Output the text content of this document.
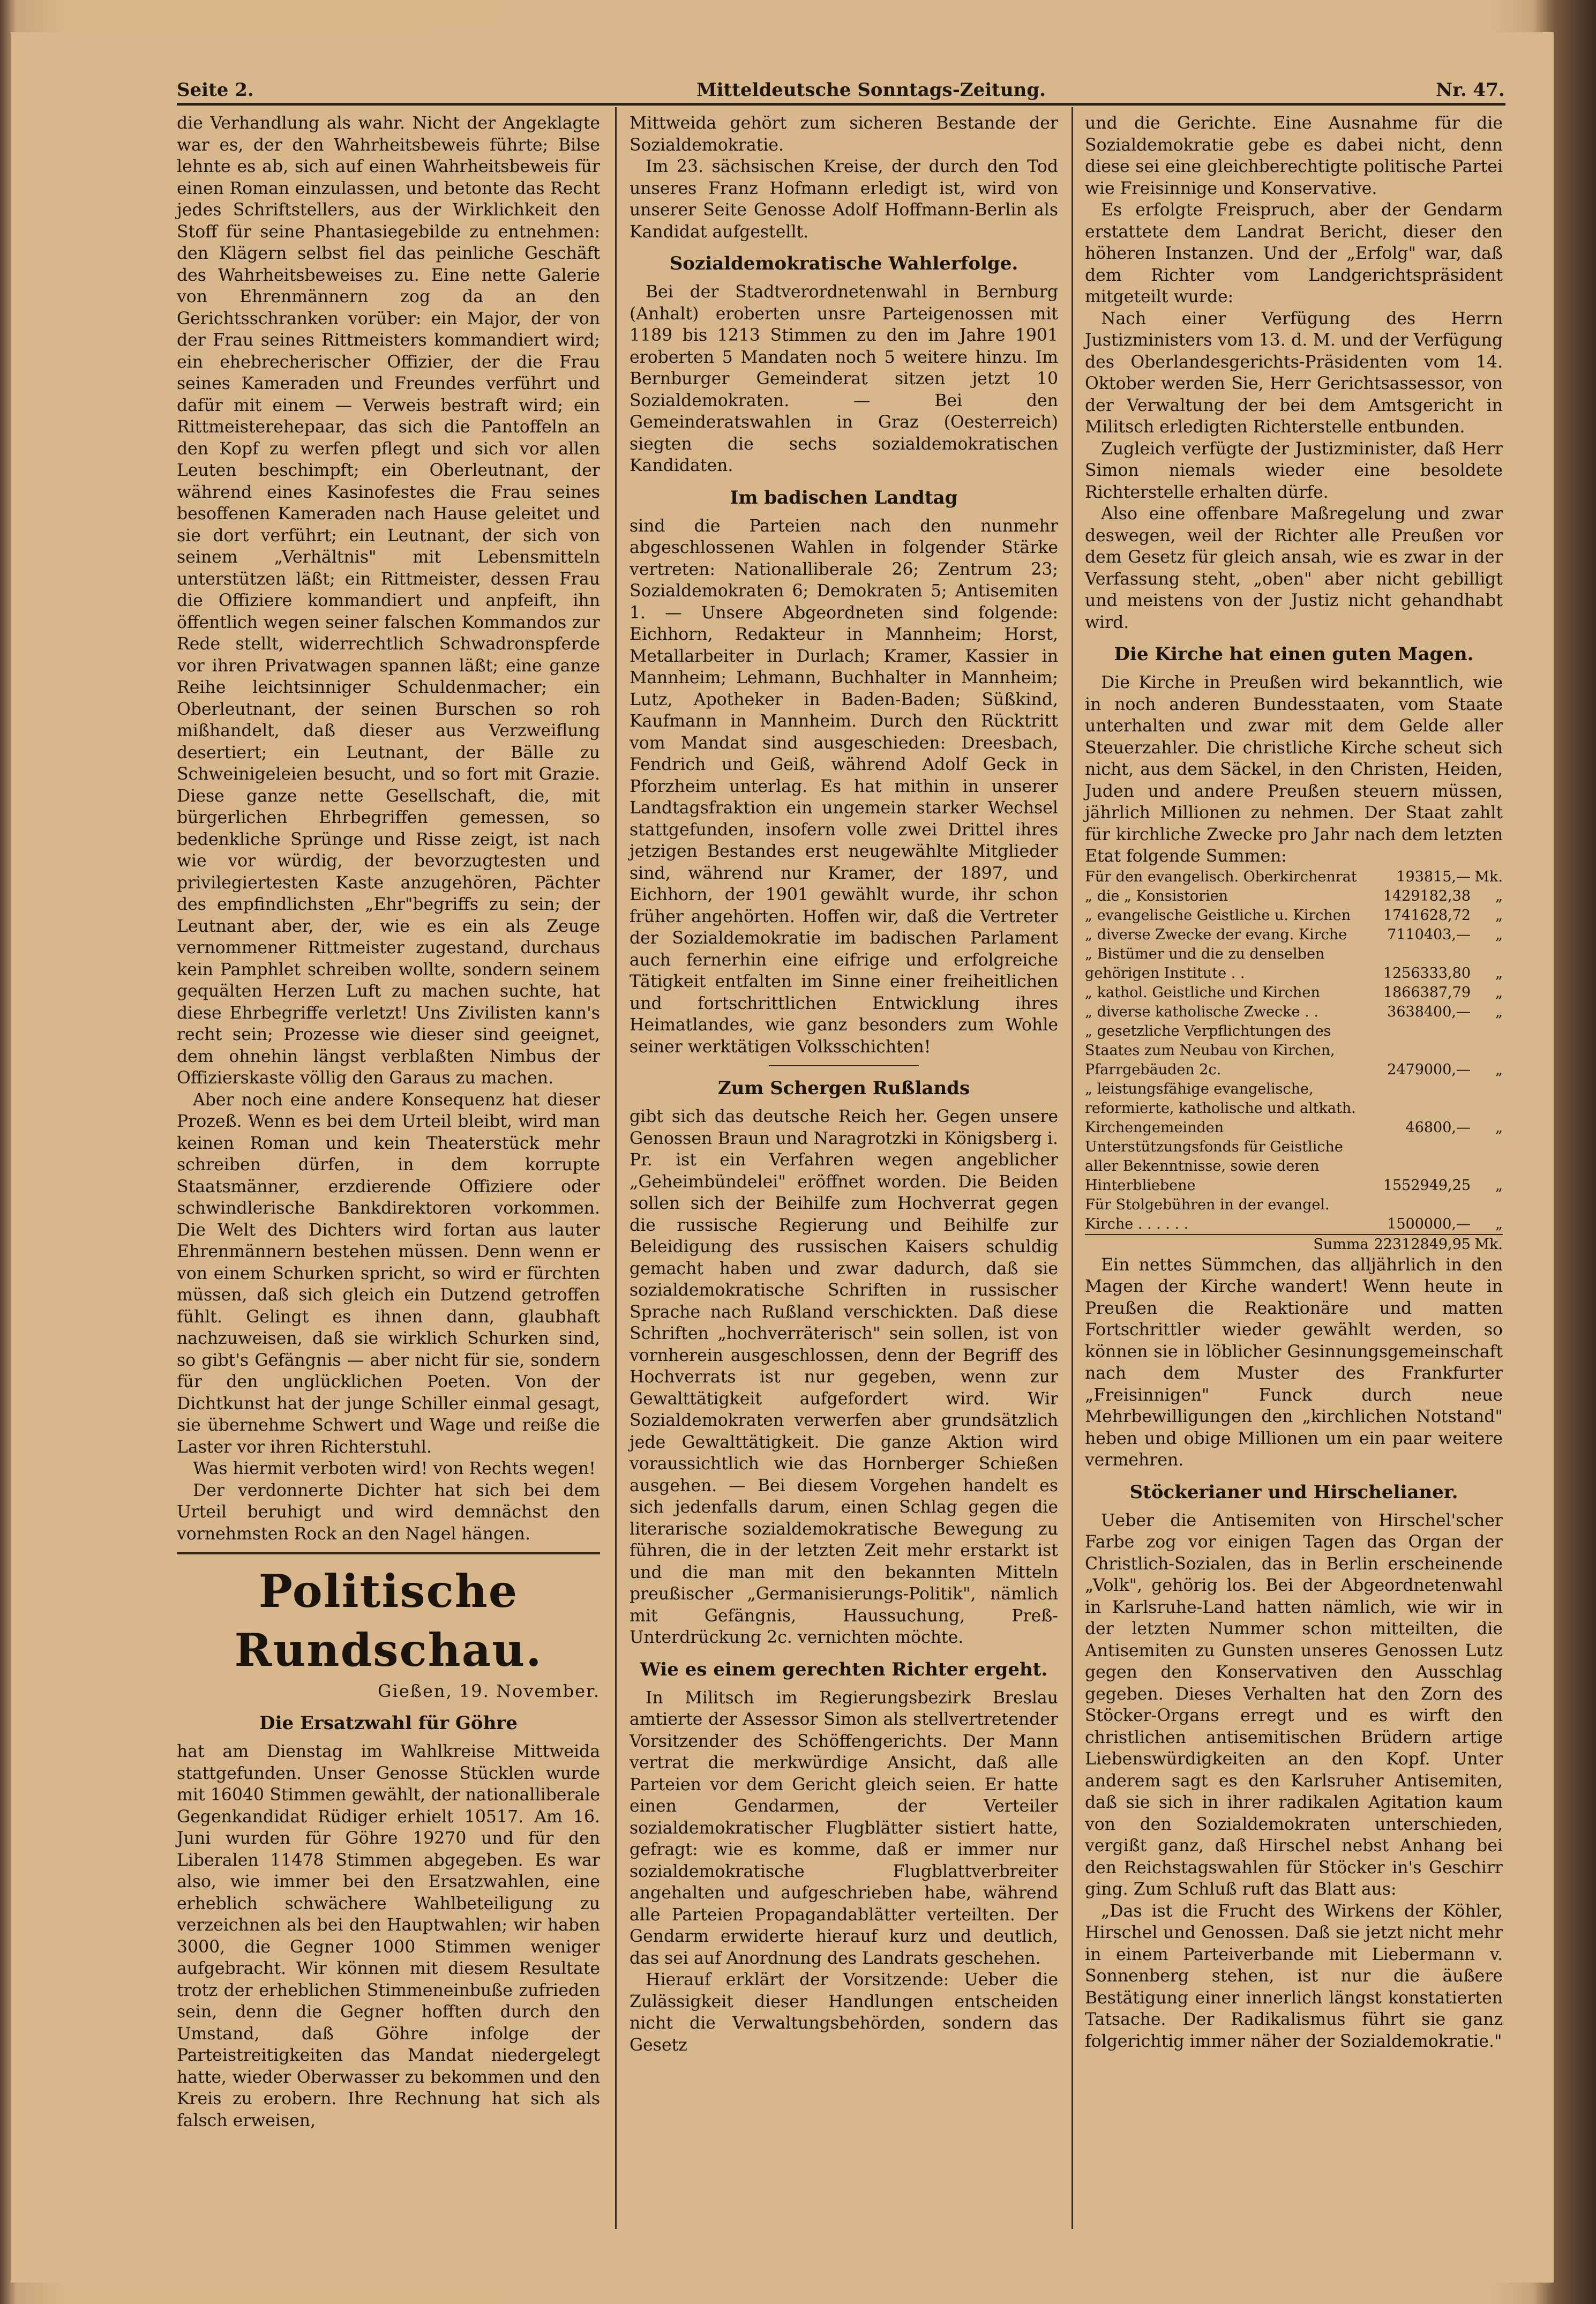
Seite 2.	Mitteldeutsche Sonntags-Zeitung.	Nr. 47.

die Verhandlung als wahr. Nicht der Angeklagte war es, der den Wahrheitsbeweis führte; Bilse lehnte es ab, sich auf einen Wahrheitsbeweis für einen Roman einzulassen, und betonte das Recht jedes Schriftstellers, aus der Wirklichkeit den Stoff für seine Phantasiegebilde zu entnehmen: den Klägern selbst fiel das peinliche Geschäft des Wahrheitsbeweises zu. Eine nette Galerie von Ehrenmännern zog da an den Gerichtsschranken vorüber: ein Major, der von der Frau seines Rittmeisters kommandiert wird; ein ehebrecherischer Offizier, der die Frau seines Kameraden und Freundes verführt und dafür mit einem — Verweis bestraft wird; ein Rittmeisterehepaar, das sich die Pantoffeln an den Kopf zu werfen pflegt und sich vor allen Leuten beschimpft; ein Oberleutnant, der während eines Kasinofestes die Frau seines besoffenen Kameraden nach Hause geleitet und sie dort verführt; ein Leutnant, der sich von seinem „Verhältnis" mit Lebensmitteln unterstützen läßt; ein Rittmeister, dessen Frau die Offiziere kommandiert und anpfeift, ihn öffentlich wegen seiner falschen Kommandos zur Rede stellt, widerrechtlich Schwadronspferde vor ihren Privatwagen spannen läßt; eine ganze Reihe leichtsinniger Schuldenmacher; ein Oberleutnant, der seinen Burschen so roh mißhandelt, daß dieser aus Verzweiflung desertiert; ein Leutnant, der Bälle zu Schweinigeleien besucht, und so fort mit Grazie. Diese ganze nette Gesellschaft, die, mit bürgerlichen Ehrbegriffen gemessen, so bedenkliche Sprünge und Risse zeigt, ist nach wie vor würdig, der bevorzugtesten und privilegiertesten Kaste anzugehören, Pächter des empfindlichsten „Ehr"begriffs zu sein; der Leutnant aber, der, wie es ein als Zeuge vernommener Rittmeister zugestand, durchaus kein Pamphlet schreiben wollte, sondern seinem gequälten Herzen Luft zu machen suchte, hat diese Ehrbegriffe verletzt! Uns Zivilisten kann's recht sein; Prozesse wie dieser sind geeignet, dem ohnehin längst verblaßten Nimbus der Offizierskaste völlig den Garaus zu machen.

Aber noch eine andere Konsequenz hat dieser Prozeß. Wenn es bei dem Urteil bleibt, wird man keinen Roman und kein Theaterstück mehr schreiben dürfen, in dem korrupte Staatsmänner, erzdierende Offiziere oder schwindlerische Bankdirektoren vorkommen. Die Welt des Dichters wird fortan aus lauter Ehrenmännern bestehen müssen. Denn wenn er von einem Schurken spricht, so wird er fürchten müssen, daß sich gleich ein Dutzend getroffen fühlt. Gelingt es ihnen dann, glaubhaft nachzuweisen, daß sie wirklich Schurken sind, so gibt's Gefängnis — aber nicht für sie, sondern für den unglücklichen Poeten. Von der Dichtkunst hat der junge Schiller einmal gesagt, sie übernehme Schwert und Wage und reiße die Laster vor ihren Richterstuhl.

Was hiermit verboten wird! von Rechts wegen!

Der verdonnerte Dichter hat sich bei dem Urteil beruhigt und wird demnächst den vornehmsten Rock an den Nagel hängen.

Politische Rundschau.
Gießen, 19. November.
Die Ersatzwahl für Göhre

hat am Dienstag im Wahlkreise Mittweida stattgefunden. Unser Genosse Stücklen wurde mit 16040 Stimmen gewählt, der nationalliberale Gegenkandidat Rüdiger erhielt 10517. Am 16. Juni wurden für Göhre 19270 und für den Liberalen 11478 Stimmen abgegeben. Es war also, wie immer bei den Ersatzwahlen, eine erheblich schwächere Wahlbeteiligung zu verzeichnen als bei den Hauptwahlen; wir haben 3000, die Gegner 1000 Stimmen weniger aufgebracht. Wir können mit diesem Resultate trotz der erheblichen Stimmeneinbuße zufrieden sein, denn die Gegner hofften durch den Umstand, daß Göhre infolge der Parteistreitigkeiten das Mandat niedergelegt hatte, wieder Oberwasser zu bekommen und den Kreis zu erobern. Ihre Rechnung hat sich als falsch erweisen,

Mittweida gehört zum sicheren Bestande der Sozialdemokratie.

Im 23. sächsischen Kreise, der durch den Tod unseres Franz Hofmann erledigt ist, wird von unserer Seite Genosse Adolf Hoffmann-Berlin als Kandidat aufgestellt.

Sozialdemokratische Wahlerfolge.

Bei der Stadtverordnetenwahl in Bernburg (Anhalt) eroberten unsre Parteigenossen mit 1189 bis 1213 Stimmen zu den im Jahre 1901 eroberten 5 Mandaten noch 5 weitere hinzu. Im Bernburger Gemeinderat sitzen jetzt 10 Sozialdemokraten. — Bei den Gemeinderatswahlen in Graz (Oesterreich) siegten die sechs sozialdemokratischen Kandidaten.

Im badischen Landtag

sind die Parteien nach den nunmehr abgeschlossenen Wahlen in folgender Stärke vertreten: Nationalliberale 26; Zentrum 23; Sozialdemokraten 6; Demokraten 5; Antisemiten 1. — Unsere Abgeordneten sind folgende: Eichhorn, Redakteur in Mannheim; Horst, Metallarbeiter in Durlach; Kramer, Kassier in Mannheim; Lehmann, Buchhalter in Mannheim; Lutz, Apotheker in Baden-Baden; Süßkind, Kaufmann in Mannheim. Durch den Rücktritt vom Mandat sind ausgeschieden: Dreesbach, Fendrich und Geiß, während Adolf Geck in Pforzheim unterlag. Es hat mithin in unserer Landtagsfraktion ein ungemein starker Wechsel stattgefunden, insofern volle zwei Drittel ihres jetzigen Bestandes erst neugewählte Mitglieder sind, während nur Kramer, der 1897, und Eichhorn, der 1901 gewählt wurde, ihr schon früher angehörten. Hoffen wir, daß die Vertreter der Sozialdemokratie im badischen Parlament auch fernerhin eine eifrige und erfolgreiche Tätigkeit entfalten im Sinne einer freiheitlichen und fortschrittlichen Entwicklung ihres Heimatlandes, wie ganz besonders zum Wohle seiner werktätigen Volksschichten!

Zum Schergen Rußlands

gibt sich das deutsche Reich her. Gegen unsere Genossen Braun und Naragrotzki in Königsberg i. Pr. ist ein Verfahren wegen angeblicher „Geheimbündelei" eröffnet worden. Die Beiden sollen sich der Beihilfe zum Hochverrat gegen die russische Regierung und Beihilfe zur Beleidigung des russischen Kaisers schuldig gemacht haben und zwar dadurch, daß sie sozialdemokratische Schriften in russischer Sprache nach Rußland verschickten. Daß diese Schriften „hochverräterisch" sein sollen, ist von vornherein ausgeschlossen, denn der Begriff des Hochverrats ist nur gegeben, wenn zur Gewalttätigkeit aufgefordert wird. Wir Sozialdemokraten verwerfen aber grundsätzlich jede Gewalttätigkeit. Die ganze Aktion wird voraussichtlich wie das Hornberger Schießen ausgehen. — Bei diesem Vorgehen handelt es sich jedenfalls darum, einen Schlag gegen die literarische sozialdemokratische Bewegung zu führen, die in der letzten Zeit mehr erstarkt ist und die man mit den bekannten Mitteln preußischer „Germanisierungs-Politik", nämlich mit Gefängnis, Haussuchung, Preß-Unterdrückung 2c. vernichten möchte.

Wie es einem gerechten Richter ergeht.

In Militsch im Regierungsbezirk Breslau amtierte der Assessor Simon als stellvertretender Vorsitzender des Schöffengerichts. Der Mann vertrat die merkwürdige Ansicht, daß alle Parteien vor dem Gericht gleich seien. Er hatte einen Gendarmen, der Verteiler sozialdemokratischer Flugblätter sistiert hatte, gefragt: wie es komme, daß er immer nur sozialdemokratische Flugblattverbreiter angehalten und aufgeschrieben habe, während alle Parteien Propagandablätter verteilten. Der Gendarm erwiderte hierauf kurz und deutlich, das sei auf Anordnung des Landrats geschehen.

Hierauf erklärt der Vorsitzende: Ueber die Zulässigkeit dieser Handlungen entscheiden nicht die Verwaltungsbehörden, sondern das Gesetz

und die Gerichte. Eine Ausnahme für die Sozialdemokratie gebe es dabei nicht, denn diese sei eine gleichberechtigte politische Partei wie Freisinnige und Konservative.

Es erfolgte Freispruch, aber der Gendarm erstattete dem Landrat Bericht, dieser den höheren Instanzen. Und der „Erfolg" war, daß dem Richter vom Landgerichtspräsident mitgeteilt wurde:

Nach einer Verfügung des Herrn Justizministers vom 13. d. M. und der Verfügung des Oberlandesgerichts-Präsidenten vom 14. Oktober werden Sie, Herr Gerichtsassessor, von der Verwaltung der bei dem Amtsgericht in Militsch erledigten Richterstelle entbunden.

Zugleich verfügte der Justizminister, daß Herr Simon niemals wieder eine besoldete Richterstelle erhalten dürfe.

Also eine offenbare Maßregelung und zwar deswegen, weil der Richter alle Preußen vor dem Gesetz für gleich ansah, wie es zwar in der Verfassung steht, „oben" aber nicht gebilligt und meistens von der Justiz nicht gehandhabt wird.

Die Kirche hat einen guten Magen.

Die Kirche in Preußen wird bekanntlich, wie in noch anderen Bundesstaaten, vom Staate unterhalten und zwar mit dem Gelde aller Steuerzahler. Die christliche Kirche scheut sich nicht, aus dem Säckel, in den Christen, Heiden, Juden und andere Preußen steuern müssen, jährlich Millionen zu nehmen. Der Staat zahlt für kirchliche Zwecke pro Jahr nach dem letzten Etat folgende Summen:

Für den evangelisch. Oberkirchenrat	193815,—	Mk.
„ die „ Konsistorien	1429182,38	„
„ evangelische Geistliche u. Kirchen	1741628,72	„
„ diverse Zwecke der evang. Kirche	7110403,—	„
„ Bistümer und die zu denselben gehörigen Institute . .	1256333,80	„
„ kathol. Geistliche und Kirchen	1866387,79	„
„ diverse katholische Zwecke . .	3638400,—	„
„ gesetzliche Verpflichtungen des Staates zum Neubau von Kirchen, Pfarrgebäuden 2c.	2479000,—	„
„ leistungsfähige evangelische, reformierte, katholische und altkath. Kirchengemeinden	46800,—	„
Unterstützungsfonds für Geistliche aller Bekenntnisse, sowie deren Hinterbliebene	1552949,25	„
Für Stolgebühren in der evangel. Kirche . . . . . .	1500000,—	„
Summa	22312849,95	Mk.

Ein nettes Sümmchen, das alljährlich in den Magen der Kirche wandert! Wenn heute in Preußen die Reaktionäre und matten Fortschrittler wieder gewählt werden, so können sie in löblicher Gesinnungsgemeinschaft nach dem Muster des Frankfurter „Freisinnigen" Funck durch neue Mehrbewilligungen den „kirchlichen Notstand" heben und obige Millionen um ein paar weitere vermehren.

Stöckerianer und Hirschelianer.

Ueber die Antisemiten von Hirschel'scher Farbe zog vor einigen Tagen das Organ der Christlich-Sozialen, das in Berlin erscheinende „Volk", gehörig los. Bei der Abgeordnetenwahl in Karlsruhe-Land hatten nämlich, wie wir in der letzten Nummer schon mitteilten, die Antisemiten zu Gunsten unseres Genossen Lutz gegen den Konservativen den Ausschlag gegeben. Dieses Verhalten hat den Zorn des Stöcker-Organs erregt und es wirft den christlichen antisemitischen Brüdern artige Liebenswürdigkeiten an den Kopf. Unter anderem sagt es den Karlsruher Antisemiten, daß sie sich in ihrer radikalen Agitation kaum von den Sozialdemokraten unterschieden, vergißt ganz, daß Hirschel nebst Anhang bei den Reichstagswahlen für Stöcker in's Geschirr ging. Zum Schluß ruft das Blatt aus:

„Das ist die Frucht des Wirkens der Köhler, Hirschel und Genossen. Daß sie jetzt nicht mehr in einem Parteiverbande mit Liebermann v. Sonnenberg stehen, ist nur die äußere Bestätigung einer innerlich längst konstatierten Tatsache. Der Radikalismus führt sie ganz folgerichtig immer näher der Sozialdemokratie."
